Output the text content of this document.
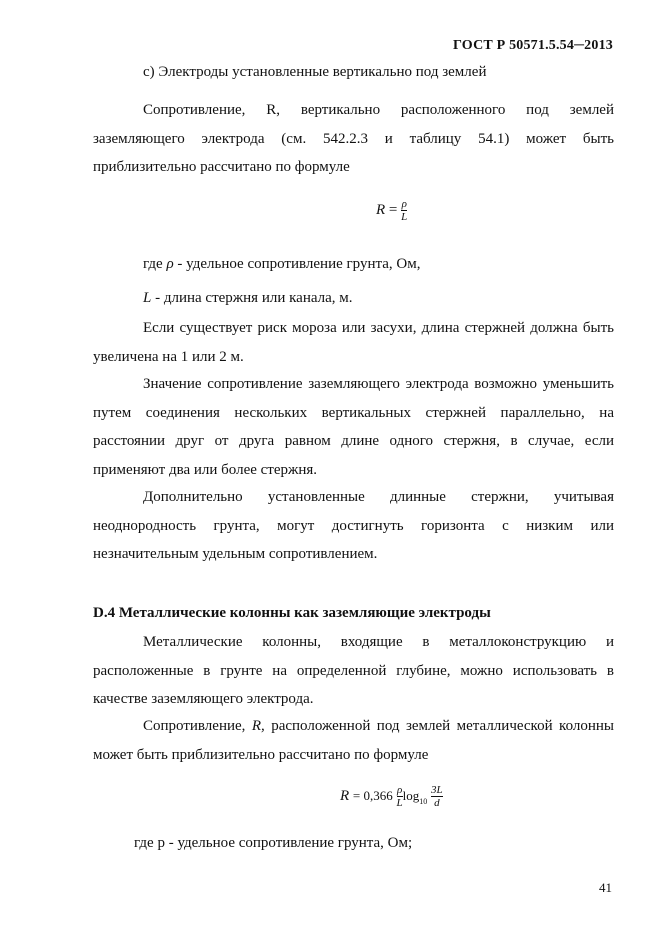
ГОСТ Р 50571.5.54─2013

c) Электроды установленные вертикально под землей

Сопротивление, R, вертикально расположенного под землей заземляющего электрода (см. 542.2.3 и таблицу 54.1) может быть приблизительно рассчитано по формуле

$R = \frac{\rho}{L}$

где ρ - удельное сопротивление грунта, Ом,

L - длина стержня или канала, м.

Если существует риск мороза или засухи, длина стержней должна быть увеличена на 1 или 2 м.

Значение сопротивление заземляющего электрода возможно уменьшить путем соединения нескольких вертикальных стержней параллельно, на расстоянии друг от друга равном длине одного стержня, в случае, если применяют два или более стержня.

Дополнительно установленные длинные стержни, учитывая неоднородность грунта, могут достигнуть горизонта с низким или незначительным удельным сопротивлением.

D.4 Металлические колонны как заземляющие электроды

Металлические колонны, входящие в металлоконструкцию и расположенные в грунте на определенной глубине, можно использовать в качестве заземляющего электрода.

Сопротивление, R, расположенной под землей металлической колонны может быть приблизительно рассчитано по формуле

$R = 0,366 \frac{\rho}{L} \log_{10} \frac{3L}{d}$

где р - удельное сопротивление грунта, Ом;

41
